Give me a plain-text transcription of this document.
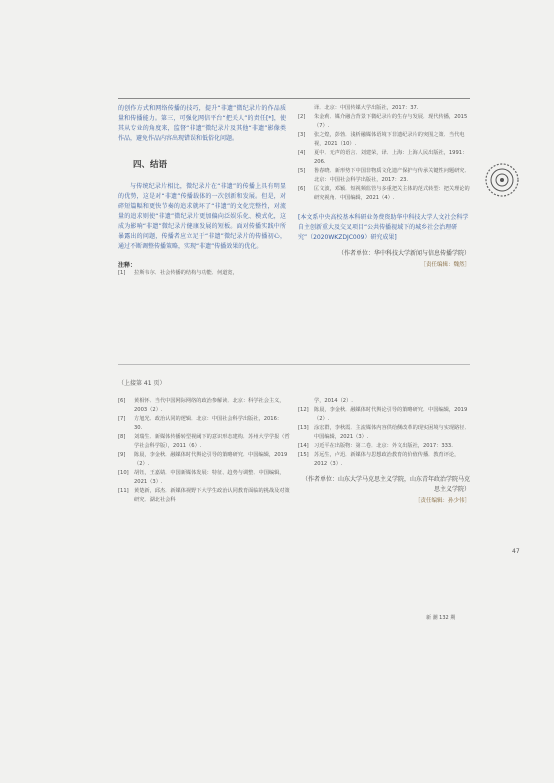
的创作方式和网络传播的技巧，提升“非遗”微纪录片的作品质量和传播能力。第三，可强化网信平台“把关人”的责任[*]，使其从专业的角度来，监督“非遗”微纪录片及其他“非遗”影像类作品，避免作品内容出现错误和低俗化问题。

四、结语

与传统纪录片相比，微纪录片在“非遗”的传播上具有明显的优势，这是对“非遗”传播载体的一次创新和发展。但是，对碎短篇幅和更快节奏的追求就坏了“非遗”的文化完整性，对流量的追求则使“非遗”微纪录片更加偏向泛娱乐化、模式化，这成为影响“非遗”微纪录片健康发展的短板。面对传播实践中所暴露出的问题，传播者应立足于“非遗”微纪录片的传播初心，通过不断调整传播策略，实现“非遗”传播效果的优化。

注释：
[1]	拉斯韦尔．社会传播的结构与功能．何道宽，
译．北京：中国传媒大学出版社，2017：37.
[2]	朱金莉．媒介融合背景下微纪录片的生存与发展．现代传播，2015（7）.
[3]	张之煌，彭勃．浅析融媒体语境下非遗纪录片的突围之策．当代电视，2021（10）.
[4]	夏中．无声的语言．刘建荣，译．上海：上海人民出版社，1991：206.
[5]	鲁春晓．新形势下中国非物质文化遗产保护与传承关键性问题研究．北京：中国社会科学出版社，2017：23.
[6]	匡文波，邓颖．短视频监管与多重把关主体的范式转型：把关理论的研究视角．中国编辑，2021（4）.
[本文系中央高校基本科研业务费资助华中科技大学人文社会科学自主创新重大及交叉项目“公共传播视域下的城乡社会治理研究”（2020WKZDJC009）研究成果]
（作者单位：华中科技大学新闻与信息传播学院）
［责任编辑：魏然］
（上接第 41 页）
[6]	黄相怀．当代中国网际网络的政治参解读．北京：科学社会主义，2003（2）.
[7]	方旭光．政治认同的逻辑．北京：中国社会科学出版社，2016：30.
[8]	刘瑞生．新媒体传播转型视阈下的意识形态建构．苏州大学学报（哲学社会科学版），2011（6）.
[9]	陈晨，李金秋．融媒体时代舆论引导的策略研究．中国编辑，2019（2）.
[10]	胡钰，王嘉婧．中国新媒体发展：特征、趋势与调整．中国编辑，2021（3）.
[11]	黄楚新，邱杰．新媒体视野下大学生政治认同教育面临的挑战及对策研究．湖北社会科
学，2014（2）.
[12]	陈晨，李金秋．融媒体时代舆论引导的策略研究．中国编辑，2019（2）.
[13]	涂宏群，李秋霞．主流媒体内容供给侧改革的现实困境与实现路径．中国编辑，2021（3）.
[14]	习近平在出版物：第二卷．北京：外文出版社，2017：333.
[15]	苏远生，卢迅．新媒体与思想政治教育的价值传播．教育评论，2012（3）.
（作者单位：山东大学马克思主义学院，山东青年政治学院马克思主义学院）
［责任编辑：孙少伟］
47
新 潮 132 期
